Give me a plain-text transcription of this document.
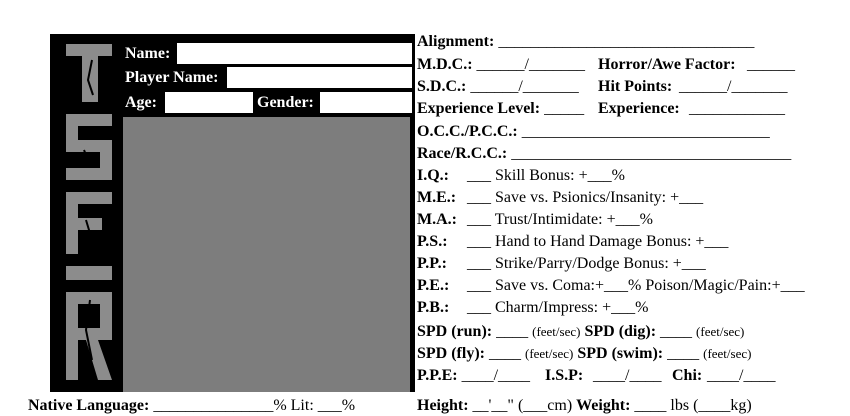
Name:
Player Name:
Age:	Gender:
Alignment: ________________________________
M.D.C.: ______/_______ Horror/Awe Factor: ______
S.D.C.: ______/_______ Hit Points: ______/_______
Experience Level: _____ Experience: ____________
O.C.C./P.C.C.: _______________________________
Race/R.C.C.: ___________________________________
I.Q.: ___ Skill Bonus: +___%
M.E.: ___ Save vs. Psionics/Insanity: +___
M.A.: ___ Trust/Intimidate: +___%
P.S.: ___ Hand to Hand Damage Bonus: +___
P.P.: ___ Strike/Parry/Dodge Bonus: +___
P.E.: ___ Save vs. Coma:+___% Poison/Magic/Pain:+___
P.B.: ___ Charm/Impress: +___%
SPD (run): ____ (feet/sec) SPD (dig): ____ (feet/sec)
SPD (fly): ____ (feet/sec) SPD (swim): ____ (feet/sec)
P.P.E: ____/____ I.S.P: ____/____ Chi: ____/____
Native Language: _______________% Lit: ___%	Height: __'__" (___cm) Weight: ____ lbs (____kg)
